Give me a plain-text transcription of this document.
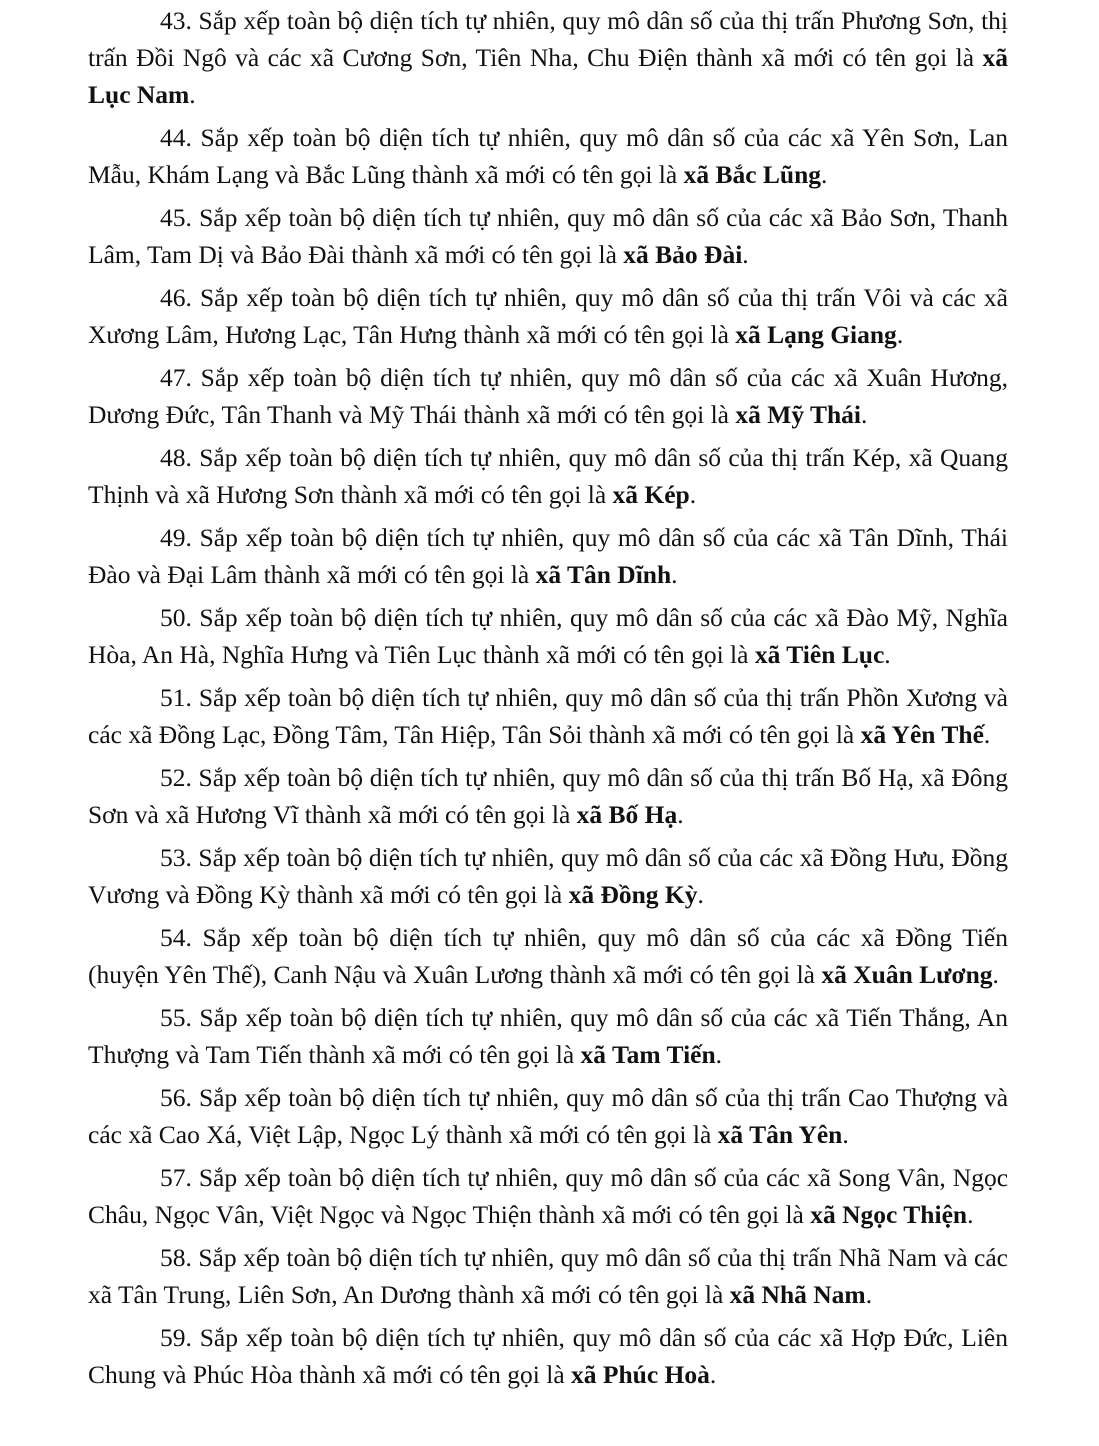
43. Sắp xếp toàn bộ diện tích tự nhiên, quy mô dân số của thị trấn Phương Sơn, thị trấn Đồi Ngô và các xã Cương Sơn, Tiên Nha, Chu Điện thành xã mới có tên gọi là xã Lục Nam.

44. Sắp xếp toàn bộ diện tích tự nhiên, quy mô dân số của các xã Yên Sơn, Lan Mẫu, Khám Lạng và Bắc Lũng thành xã mới có tên gọi là xã Bắc Lũng.

45. Sắp xếp toàn bộ diện tích tự nhiên, quy mô dân số của các xã Bảo Sơn, Thanh Lâm, Tam Dị và Bảo Đài thành xã mới có tên gọi là xã Bảo Đài.

46. Sắp xếp toàn bộ diện tích tự nhiên, quy mô dân số của thị trấn Vôi và các xã Xương Lâm, Hương Lạc, Tân Hưng thành xã mới có tên gọi là xã Lạng Giang.

47. Sắp xếp toàn bộ diện tích tự nhiên, quy mô dân số của các xã Xuân Hương, Dương Đức, Tân Thanh và Mỹ Thái thành xã mới có tên gọi là xã Mỹ Thái.

48. Sắp xếp toàn bộ diện tích tự nhiên, quy mô dân số của thị trấn Kép, xã Quang Thịnh và xã Hương Sơn thành xã mới có tên gọi là xã Kép.

49. Sắp xếp toàn bộ diện tích tự nhiên, quy mô dân số của các xã Tân Dĩnh, Thái Đào và Đại Lâm thành xã mới có tên gọi là xã Tân Dĩnh.

50. Sắp xếp toàn bộ diện tích tự nhiên, quy mô dân số của các xã Đào Mỹ, Nghĩa Hòa, An Hà, Nghĩa Hưng và Tiên Lục thành xã mới có tên gọi là xã Tiên Lục.

51. Sắp xếp toàn bộ diện tích tự nhiên, quy mô dân số của thị trấn Phồn Xương và các xã Đồng Lạc, Đồng Tâm, Tân Hiệp, Tân Sỏi thành xã mới có tên gọi là xã Yên Thế.

52. Sắp xếp toàn bộ diện tích tự nhiên, quy mô dân số của thị trấn Bố Hạ, xã Đông Sơn và xã Hương Vĩ thành xã mới có tên gọi là xã Bố Hạ.

53. Sắp xếp toàn bộ diện tích tự nhiên, quy mô dân số của các xã Đồng Hưu, Đồng Vương và Đồng Kỳ thành xã mới có tên gọi là xã Đồng Kỳ.

54. Sắp xếp toàn bộ diện tích tự nhiên, quy mô dân số của các xã Đồng Tiến (huyện Yên Thế), Canh Nậu và Xuân Lương thành xã mới có tên gọi là xã Xuân Lương.

55. Sắp xếp toàn bộ diện tích tự nhiên, quy mô dân số của các xã Tiến Thắng, An Thượng và Tam Tiến thành xã mới có tên gọi là xã Tam Tiến.

56. Sắp xếp toàn bộ diện tích tự nhiên, quy mô dân số của thị trấn Cao Thượng và các xã Cao Xá, Việt Lập, Ngọc Lý thành xã mới có tên gọi là xã Tân Yên.

57. Sắp xếp toàn bộ diện tích tự nhiên, quy mô dân số của các xã Song Vân, Ngọc Châu, Ngọc Vân, Việt Ngọc và Ngọc Thiện thành xã mới có tên gọi là xã Ngọc Thiện.

58. Sắp xếp toàn bộ diện tích tự nhiên, quy mô dân số của thị trấn Nhã Nam và các xã Tân Trung, Liên Sơn, An Dương thành xã mới có tên gọi là xã Nhã Nam.

59. Sắp xếp toàn bộ diện tích tự nhiên, quy mô dân số của các xã Hợp Đức, Liên Chung và Phúc Hòa thành xã mới có tên gọi là xã Phúc Hoà.
